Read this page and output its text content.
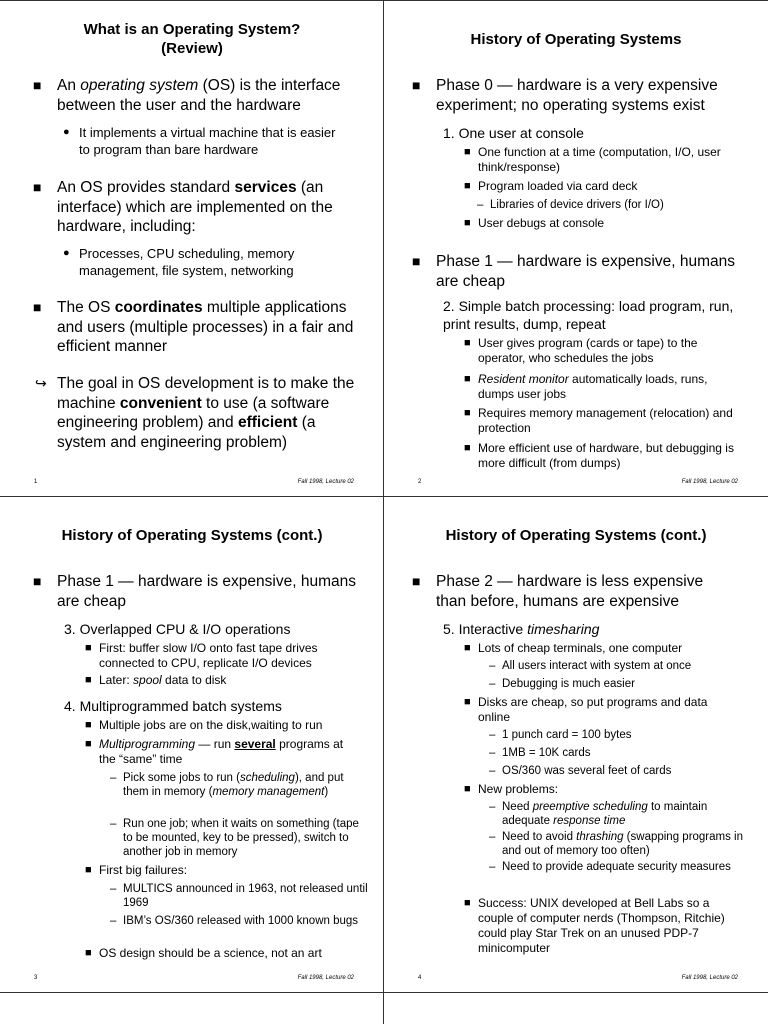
What is an Operating System?
(Review)
■ An operating system (OS) is the interface between the user and the hardware
● It implements a virtual machine that is easier to program than bare hardware
■ An OS provides standard services (an interface) which are implemented on the hardware, including:
● Processes, CPU scheduling, memory management, file system, networking
■ The OS coordinates multiple applications and users (multiple processes) in a fair and efficient manner
↪ The goal in OS development is to make the machine convenient to use (a software engineering problem) and efficient (a system and engineering problem)
1	Fall 1998, Lecture 02
History of Operating Systems
■ Phase 0 — hardware is a very expensive experiment; no operating systems exist
1. One user at console
■ One function at a time (computation, I/O, user think/response)
■ Program loaded via card deck
– Libraries of device drivers (for I/O)
■ User debugs at console
■ Phase 1 — hardware is expensive, humans are cheap
2. Simple batch processing: load program, run, print results, dump, repeat
■ User gives program (cards or tape) to the operator, who schedules the jobs
■ Resident monitor automatically loads, runs, dumps user jobs
■ Requires memory management (relocation) and protection
■ More efficient use of hardware, but debugging is more difficult (from dumps)
2	Fall 1998, Lecture 02
History of Operating Systems (cont.)
■ Phase 1 — hardware is expensive, humans are cheap
3. Overlapped CPU & I/O operations
■ First: buffer slow I/O onto fast tape drives connected to CPU, replicate I/O devices
■ Later: spool data to disk
4. Multiprogrammed batch systems
■ Multiple jobs are on the disk,waiting to run
■ Multiprogramming — run several programs at the “same” time
– Pick some jobs to run (scheduling), and put them in memory (memory management)
– Run one job; when it waits on something (tape to be mounted, key to be pressed), switch to another job in memory
■ First big failures:
– MULTICS announced in 1963, not released until 1969
– IBM’s OS/360 released with 1000 known bugs
■ OS design should be a science, not an art
3	Fall 1998, Lecture 02
History of Operating Systems (cont.)
■ Phase 2 — hardware is less expensive than before, humans are expensive
5. Interactive timesharing
■ Lots of cheap terminals, one computer
– All users interact with system at once
– Debugging is much easier
■ Disks are cheap, so put programs and data online
– 1 punch card = 100 bytes
– 1MB = 10K cards
– OS/360 was several feet of cards
■ New problems:
– Need preemptive scheduling to maintain adequate response time
– Need to avoid thrashing (swapping programs in and out of memory too often)
– Need to provide adequate security measures
■ Success: UNIX developed at Bell Labs so a couple of computer nerds (Thompson, Ritchie) could play Star Trek on an unused PDP-7 minicomputer
4	Fall 1998, Lecture 02
